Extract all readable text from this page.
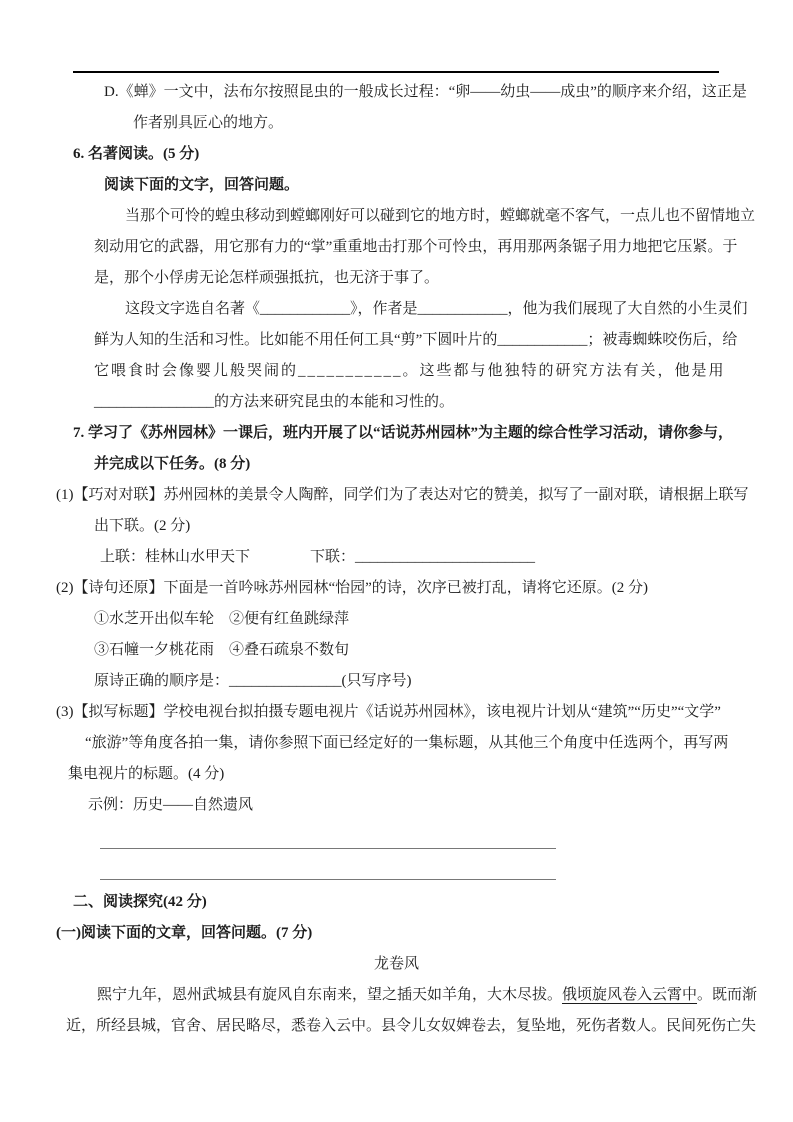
D.《蝉》一文中，法布尔按照昆虫的一般成长过程：“卵——幼虫——成虫”的顺序来介绍，这正是
作者别具匠心的地方。
6. 名著阅读。(5 分)
阅读下面的文字，回答问题。
当那个可怜的蝗虫移动到螳螂刚好可以碰到它的地方时，螳螂就毫不客气，一点儿也不留情地立
刻动用它的武器，用它那有力的“掌”重重地击打那个可怜虫，再用那两条锯子用力地把它压紧。于
是，那个小俘虏无论怎样顽强抵抗，也无济于事了。
这段文字选自名著《____________》，作者是____________，他为我们展现了大自然的小生灵们
鲜为人知的生活和习性。比如能不用任何工具“剪”下圆叶片的____________；被毒蜘蛛咬伤后，给
它喂食时会像婴儿般哭闹的___________。这些都与他独特的研究方法有关，他是用
________________的方法来研究昆虫的本能和习性的。
7. 学习了《苏州园林》一课后，班内开展了以“话说苏州园林”为主题的综合性学习活动，请你参与，
并完成以下任务。(8 分)
(1)【巧对对联】苏州园林的美景令人陶醉，同学们为了表达对它的赞美，拟写了一副对联，请根据上联写
出下联。(2 分)
上联：桂林山水甲天下　　　　下联：________________________
(2)【诗句还原】下面是一首吟咏苏州园林“怡园”的诗，次序已被打乱，请将它还原。(2 分)
①水芝开出似车轮　②便有红鱼跳绿萍
③石幢一夕桃花雨　④叠石疏泉不数旬
原诗正确的顺序是：_______________(只写序号)
(3)【拟写标题】学校电视台拟拍摄专题电视片《话说苏州园林》，该电视片计划从“建筑”“历史”“文学”
“旅游”等角度各拍一集，请你参照下面已经定好的一集标题，从其他三个角度中任选两个，再写两
集电视片的标题。(4 分)
示例：历史——自然遗风
二、阅读探究(42 分)
(一)阅读下面的文章，回答问题。(7 分)
龙卷风
熙宁九年，恩州武城县有旋风自东南来，望之插天如羊角，大木尽拔。俄顷旋风卷入云霄中。既而渐
近，所经县城，官舍、居民略尽，悉卷入云中。县令儿女奴婢卷去，复坠地，死伤者数人。民间死伤亡失
